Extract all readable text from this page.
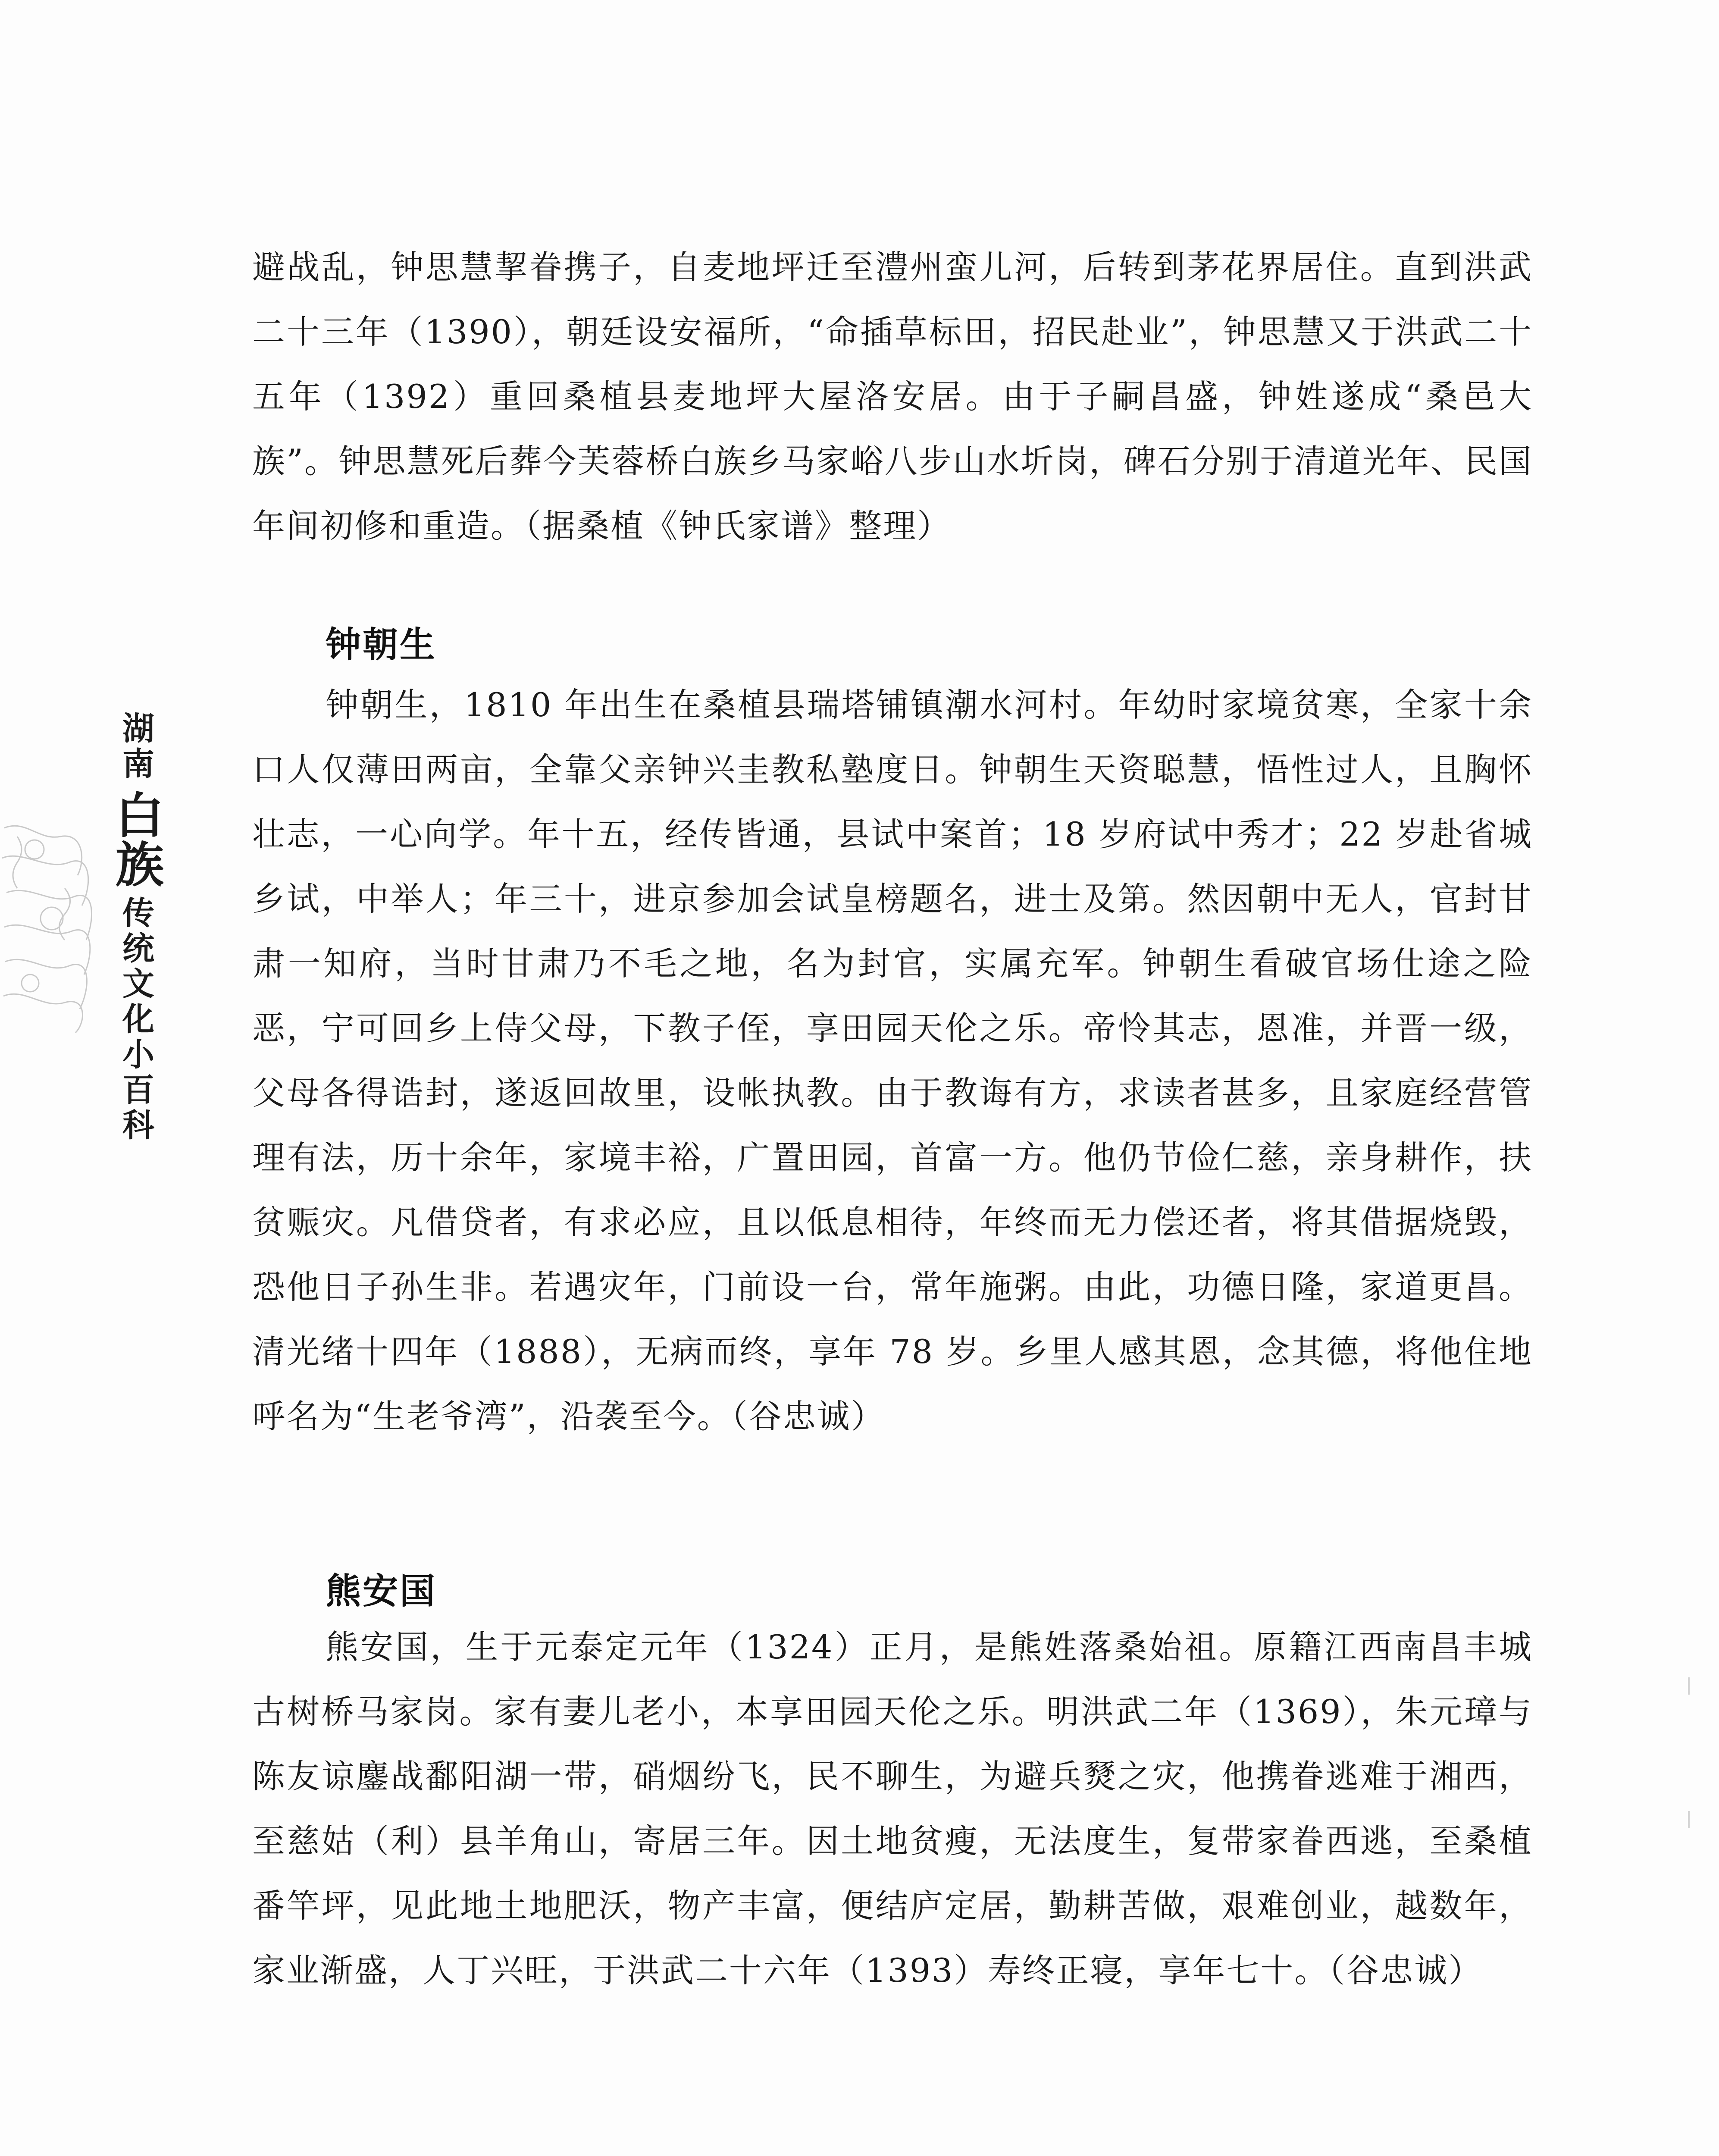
湖南
白族
传统文化小百科

避战乱，钟思慧挈眷携子，自麦地坪迁至澧州蛮儿河，后转到茅花界居住。直到洪武二十三年（1390），朝廷设安福所，“命插草标田，招民赴业”，钟思慧又于洪武二十五年（1392）重回桑植县麦地坪大屋洛安居。由于子嗣昌盛，钟姓遂成“桑邑大族”。钟思慧死后葬今芙蓉桥白族乡马家峪八步山水圻岗，碑石分别于清道光年、民国年间初修和重造。（据桑植《钟氏家谱》整理）

钟朝生

钟朝生，1810 年出生在桑植县瑞塔铺镇潮水河村。年幼时家境贫寒，全家十余口人仅薄田两亩，全靠父亲钟兴圭教私塾度日。钟朝生天资聪慧，悟性过人，且胸怀壮志，一心向学。年十五，经传皆通，县试中案首；18 岁府试中秀才；22 岁赴省城乡试，中举人；年三十，进京参加会试皇榜题名，进士及第。然因朝中无人，官封甘肃一知府，当时甘肃乃不毛之地，名为封官，实属充军。钟朝生看破官场仕途之险恶，宁可回乡上侍父母，下教子侄，享田园天伦之乐。帝怜其志，恩准，并晋一级，父母各得诰封，遂返回故里，设帐执教。由于教诲有方，求读者甚多，且家庭经营管理有法，历十余年，家境丰裕，广置田园，首富一方。他仍节俭仁慈，亲身耕作，扶贫赈灾。凡借贷者，有求必应，且以低息相待，年终而无力偿还者，将其借据烧毁，恐他日子孙生非。若遇灾年，门前设一台，常年施粥。由此，功德日隆，家道更昌。清光绪十四年（1888），无病而终，享年 78 岁。乡里人感其恩，念其德，将他住地呼名为“生老爷湾”，沿袭至今。（谷忠诚）

熊安国

熊安国，生于元泰定元年（1324）正月，是熊姓落桑始祖。原籍江西南昌丰城古树桥马家岗。家有妻儿老小，本享田园天伦之乐。明洪武二年（1369），朱元璋与陈友谅鏖战鄱阳湖一带，硝烟纷飞，民不聊生，为避兵燹之灾，他携眷逃难于湘西，至慈姑（利）县羊角山，寄居三年。因土地贫瘦，无法度生，复带家眷西逃，至桑植番竿坪，见此地土地肥沃，物产丰富，便结庐定居，勤耕苦做，艰难创业，越数年，家业渐盛，人丁兴旺，于洪武二十六年（1393）寿终正寝，享年七十。（谷忠诚）
